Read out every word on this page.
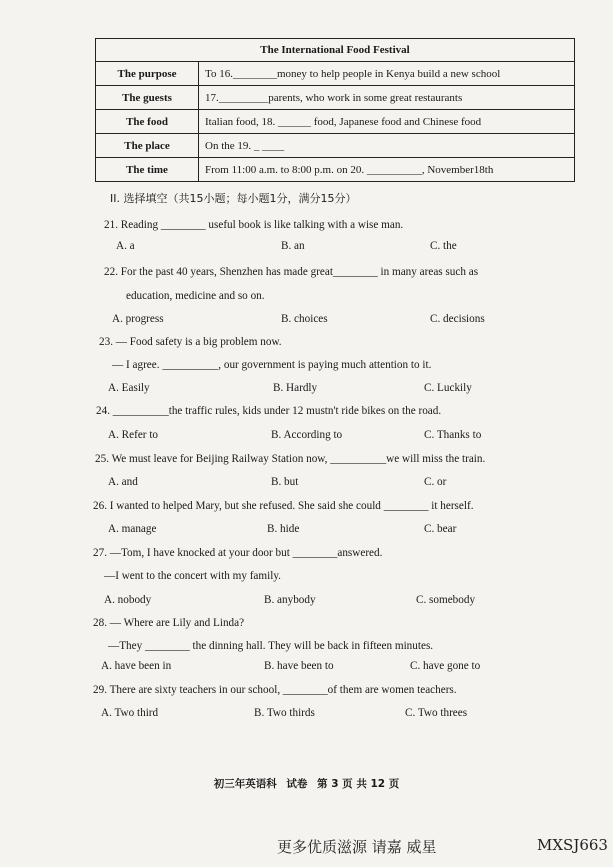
The International Food Festival	
The purpose	To 16.________money to help people in Kenya build a new school
The guests	17._________parents, who work in some great restaurants
The food	Italian food, 18. ______ food, Japanese food and Chinese food
The place	On the 19. _ ____
The time	From 11:00 a.m. to 8:00 p.m. on 20. __________, November18th
II. 选择填空（共15小题；每小题1分，满分15分）
21. Reading ________ useful book is like talking with a wise man.
A. a	B. an	C. the
22. For the past 40 years, Shenzhen has made great________ in many areas such as
education, medicine and so on.
A. progress	B. choices	C. decisions
23. — Food safety is a big problem now.
— I agree. __________, our government is paying much attention to it.
A. Easily	B. Hardly	C. Luckily
24. __________the traffic rules, kids under 12 mustn't ride bikes on the road.
A. Refer to	B. According to	C. Thanks to
25. We must leave for Beijing Railway Station now, __________we will miss the train.
A. and	B. but	C. or
26. I wanted to helped Mary, but she refused. She said she could ________ it herself.
A. manage	B. hide	C. bear
27. —Tom, I have knocked at your door but ________answered.
—I went to the concert with my family.
A. nobody	B. anybody	C. somebody
28. — Where are Lily and Linda?
—They ________ the dinning hall. They will be back in fifteen minutes.
A. have been in	B. have been to	C. have gone to
29. There are sixty teachers in our school, ________of them are women teachers.
A. Two third	B. Two thirds	C. Two threes
初三年英语科 试卷 第 3 页 共 12 页
更多优质滋源 请嘉 威星	MXSJ663
